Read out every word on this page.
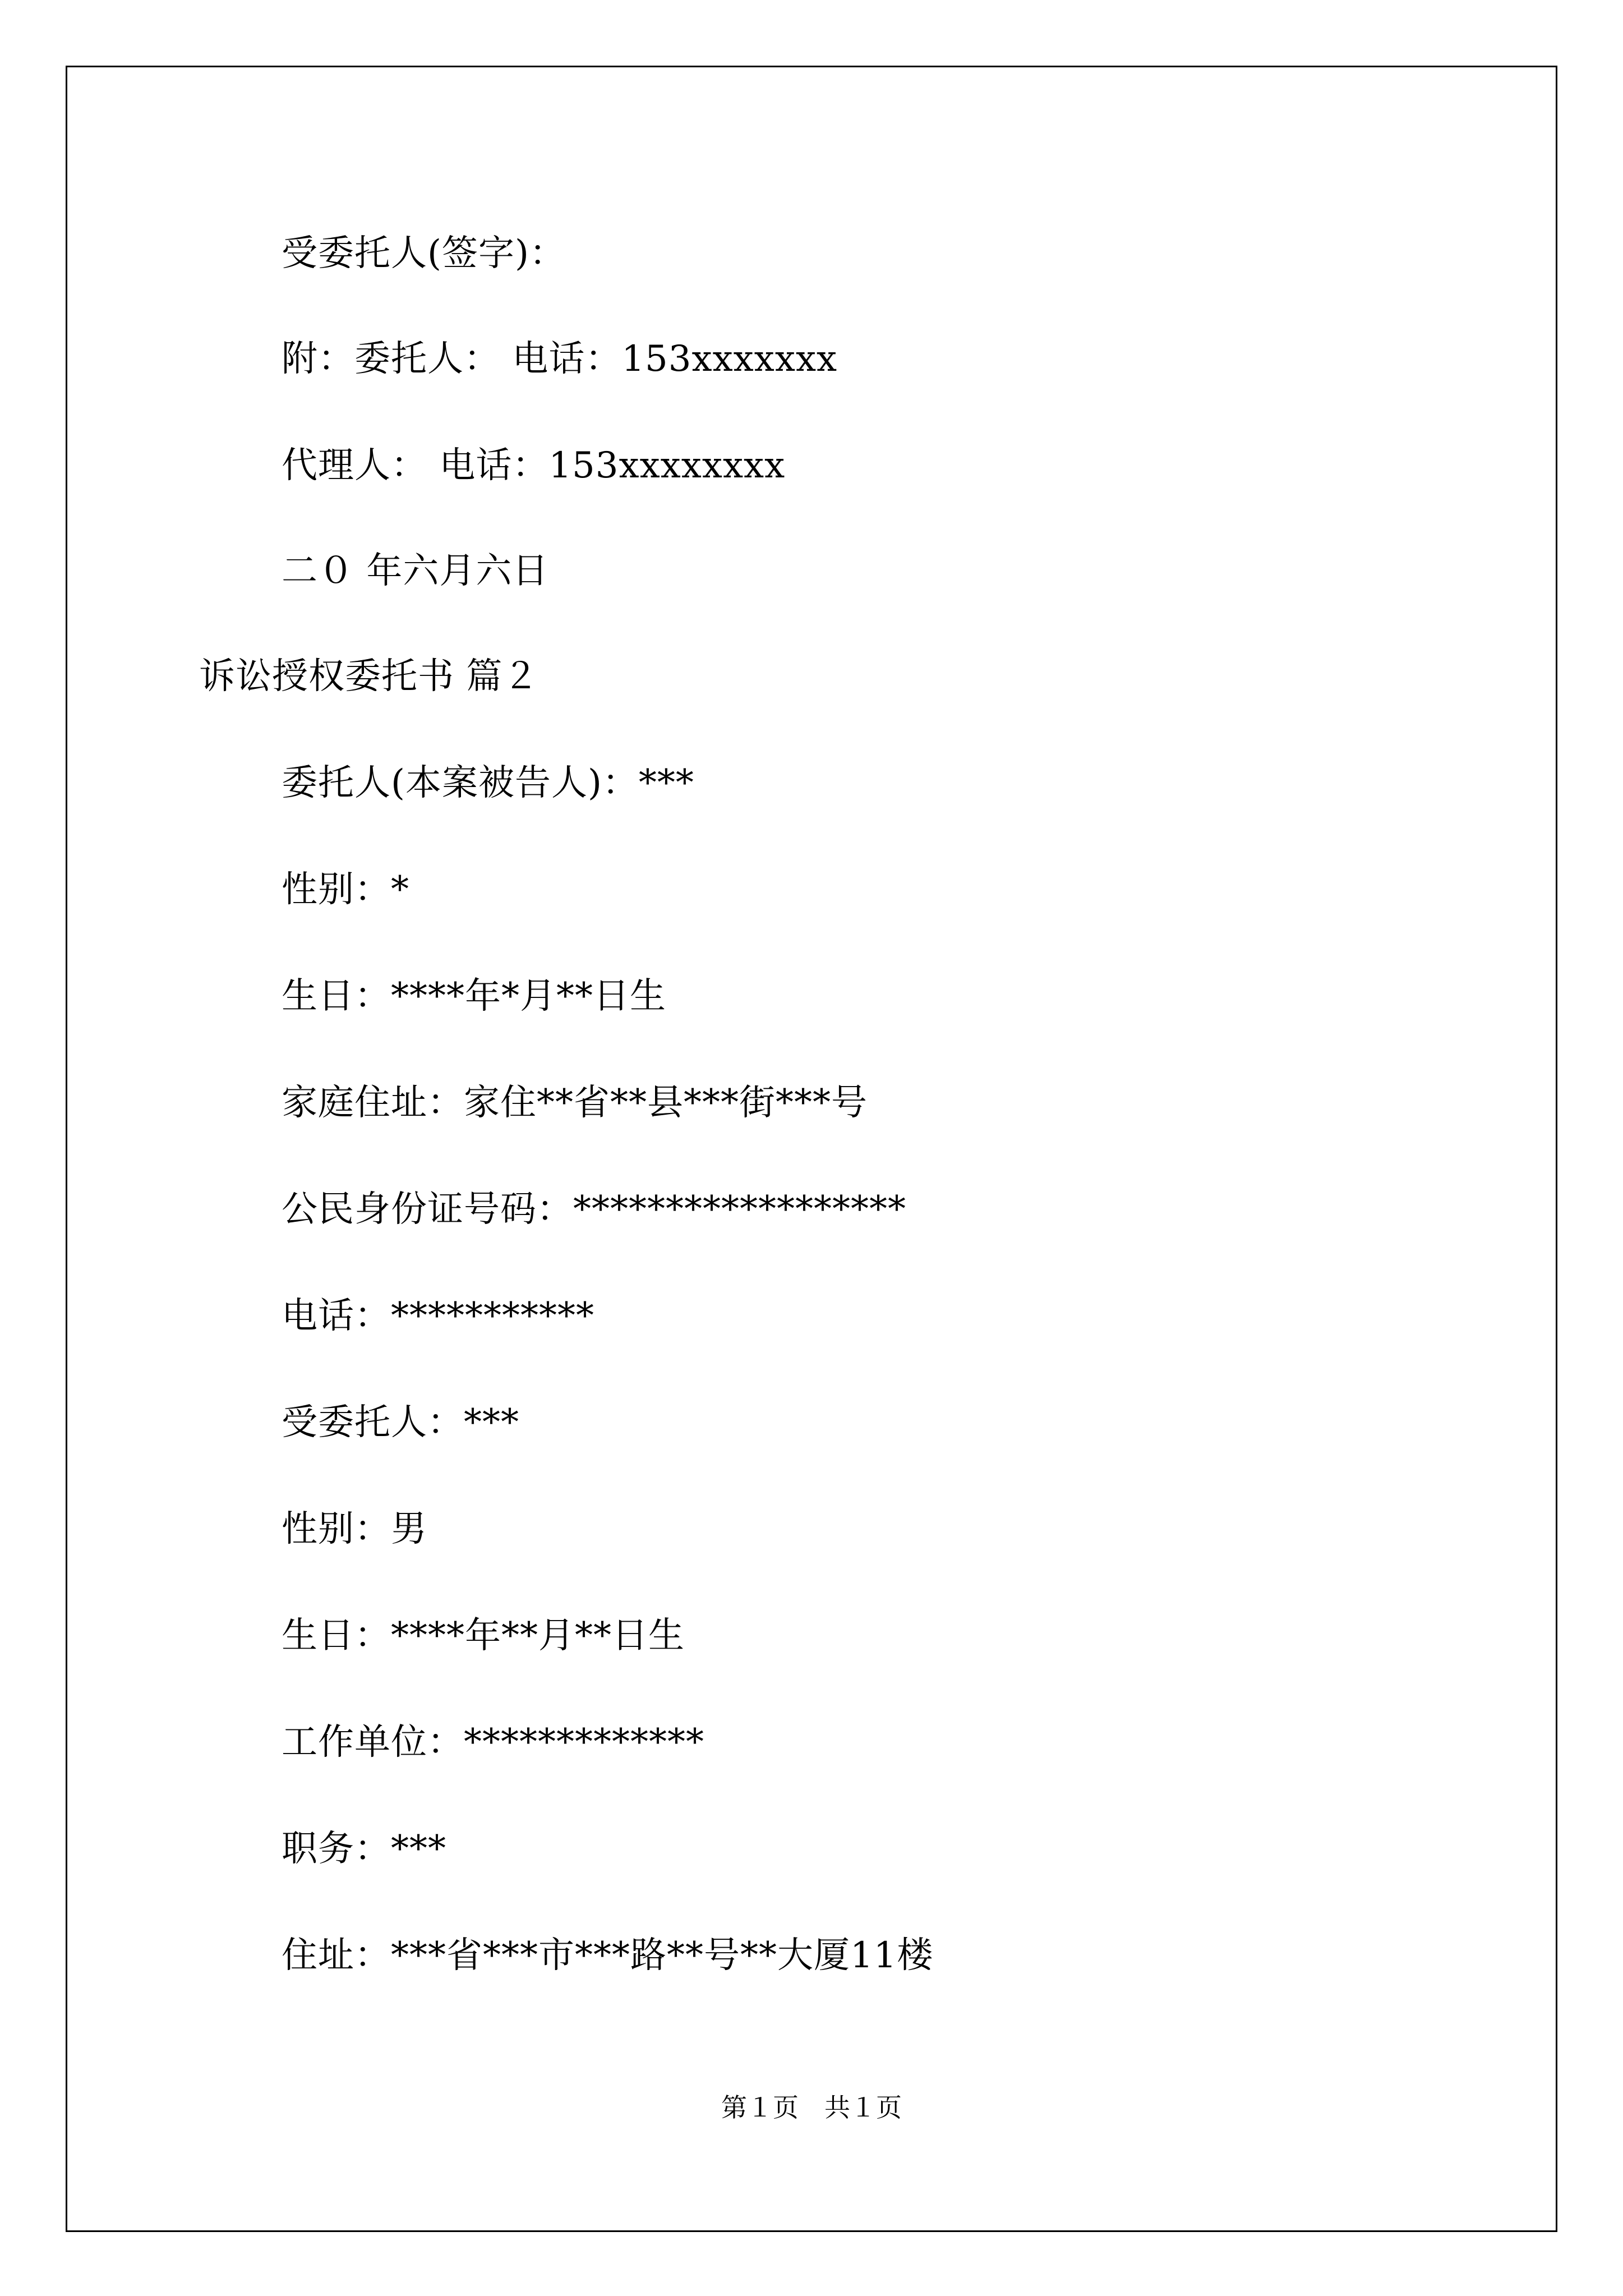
受委托人(签字)：
附：委托人： 电话：153xxxxxxx
代理人： 电话：153xxxxxxxx
二０ 年六月六日
诉讼授权委托书 篇２
委托人(本案被告人)：***
性别：*
生日：****年*月**日生
家庭住址：家住**省**县***街***号
公民身份证号码：******************
电话：***********
受委托人：***
性别：男
生日：****年**月**日生
工作单位：*************
职务：***
住址：***省***市***路**号**大厦11楼
第１页　共１页
